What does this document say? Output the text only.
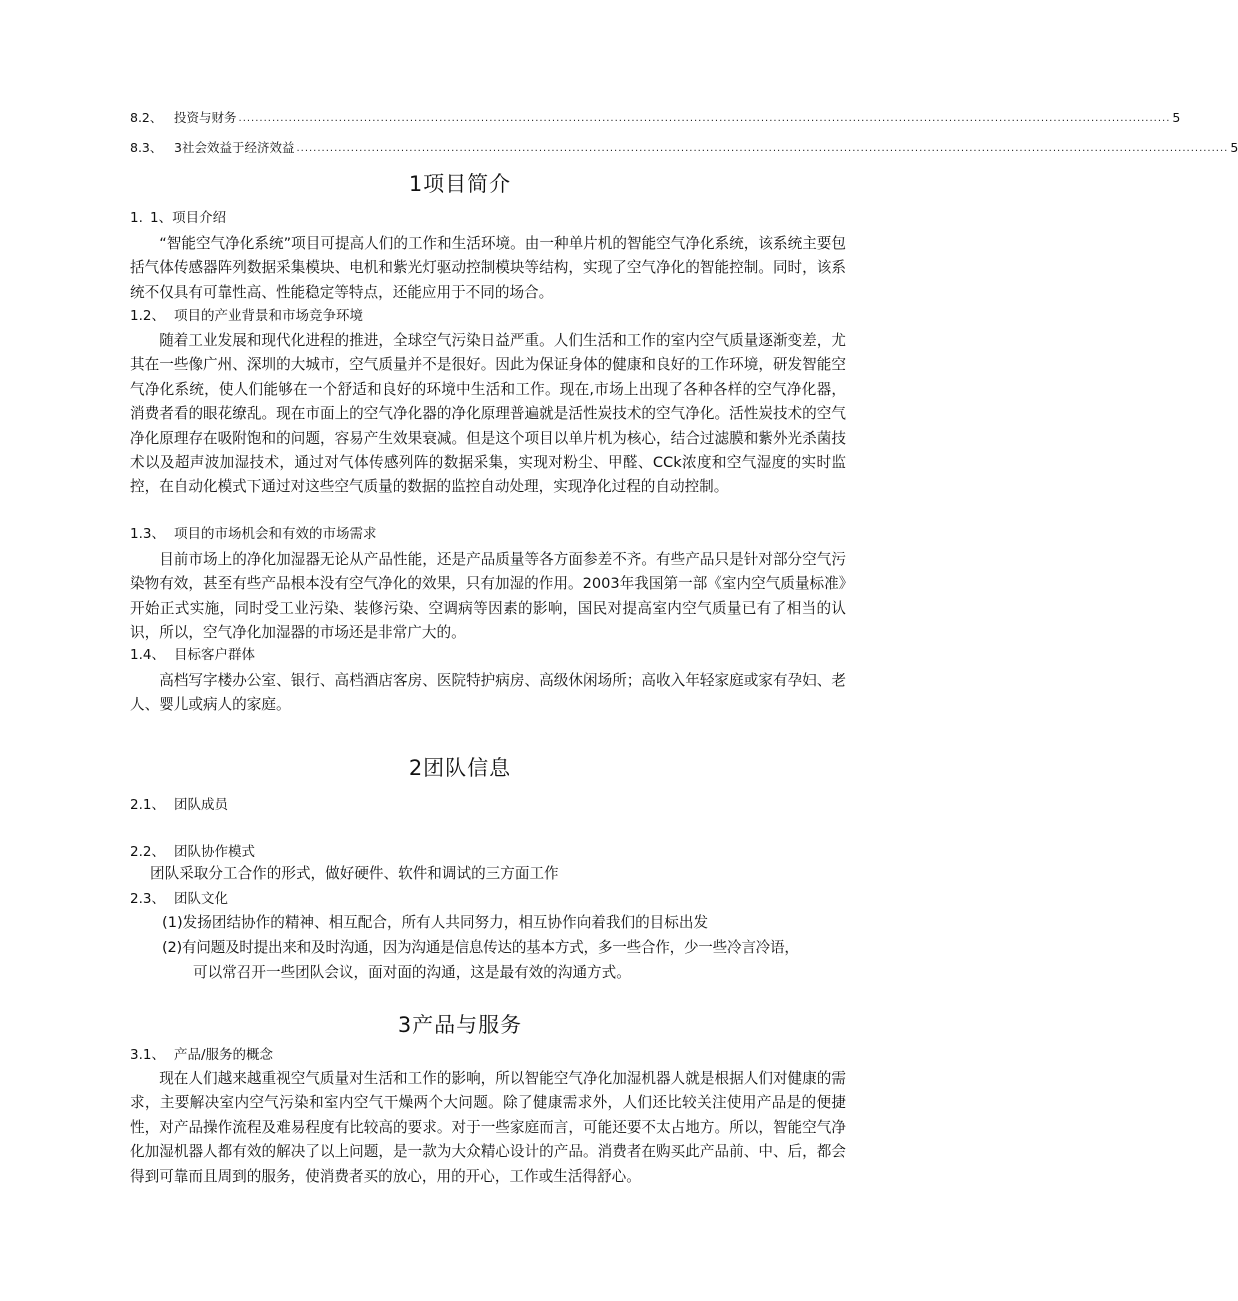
8.2、 投资与财务 ............................................................................................................................................................................................................................... 5
8.3、 3社会效益于经济效益 ............................................................................................................................................................................................................................... 5
1项目简介
1. 1、项目介绍

“智能空气净化系统”项目可提高人们的工作和生活环境。由一种单片机的智能空气净化系统，该系统主要包括气体传感器阵列数据采集模块、电机和紫光灯驱动控制模块等结构，实现了空气净化的智能控制。同时，该系统不仅具有可靠性高、性能稳定等特点，还能应用于不同的场合。

1.2、 项目的产业背景和市场竞争环境

随着工业发展和现代化进程的推进，全球空气污染日益严重。人们生活和工作的室内空气质量逐渐变差，尤其在一些像广州、深圳的大城市，空气质量并不是很好。因此为保证身体的健康和良好的工作环境，研发智能空气净化系统，使人们能够在一个舒适和良好的环境中生活和工作。现在,市场上出现了各种各样的空气净化器，消费者看的眼花缭乱。现在市面上的空气净化器的净化原理普遍就是活性炭技术的空气净化。活性炭技术的空气净化原理存在吸附饱和的问题，容易产生效果衰减。但是这个项目以单片机为核心，结合过滤膜和紫外光杀菌技术以及超声波加湿技术，通过对气体传感列阵的数据采集，实现对粉尘、甲醛、CCk浓度和空气湿度的实时监控，在自动化模式下通过对这些空气质量的数据的监控自动处理，实现净化过程的自动控制。

1.3、 项目的市场机会和有效的市场需求

目前市场上的净化加湿器无论从产品性能，还是产品质量等各方面参差不齐。有些产品只是针对部分空气污染物有效，甚至有些产品根本没有空气净化的效果，只有加湿的作用。2003年我国第一部《室内空气质量标准》开始正式实施，同时受工业污染、装修污染、空调病等因素的影响，国民对提高室内空气质量已有了相当的认识，所以，空气净化加湿器的市场还是非常广大的。

1.4、 目标客户群体

高档写字楼办公室、银行、高档酒店客房、医院特护病房、高级休闲场所；高收入年轻家庭或家有孕妇、老人、婴儿或病人的家庭。

2团队信息
2.1、 团队成员
2.2、 团队协作模式
团队采取分工合作的形式，做好硬件、软件和调试的三方面工作
2.3、 团队文化
(1)发扬团结协作的精神、相互配合，所有人共同努力，相互协作向着我们的目标出发
(2)有问题及时提出来和及时沟通，因为沟通是信息传达的基本方式，多一些合作，少一些冷言冷语，
可以常召开一些团队会议，面对面的沟通，这是最有效的沟通方式。
3产品与服务
3.1、 产品/服务的概念

现在人们越来越重视空气质量对生活和工作的影响，所以智能空气净化加湿机器人就是根据人们对健康的需求，主要解决室内空气污染和室内空气干燥两个大问题。除了健康需求外，人们还比较关注使用产品是的便捷性，对产品操作流程及难易程度有比较高的要求。对于一些家庭而言，可能还要不太占地方。所以，智能空气净化加湿机器人都有效的解决了以上问题，是一款为大众精心设计的产品。消费者在购买此产品前、中、后，都会得到可靠而且周到的服务，使消费者买的放心，用的开心，工作或生活得舒心。
